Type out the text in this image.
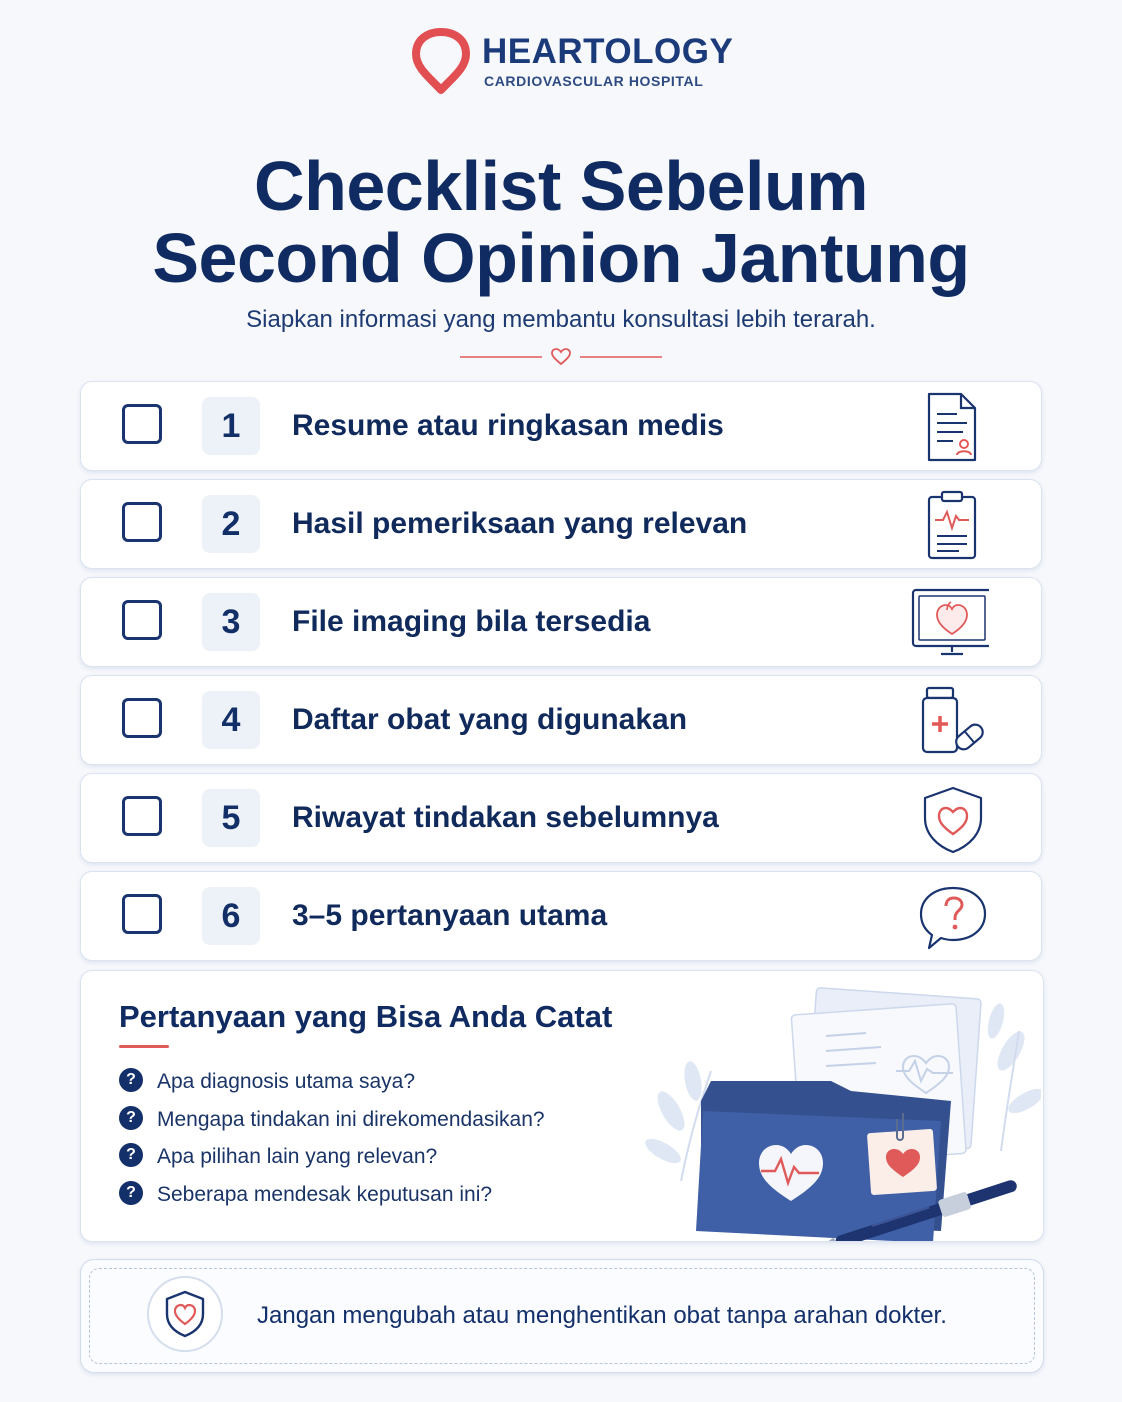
HEARTOLOGY
CARDIOVASCULAR HOSPITAL
Checklist Sebelum
Second Opinion Jantung
Siapkan informasi yang membantu konsultasi lebih terarah.
1	Resume atau ringkasan medis
2	Hasil pemeriksaan yang relevan
3	File imaging bila tersedia
4	Daftar obat yang digunakan
5	Riwayat tindakan sebelumnya
6	3–5 pertanyaan utama
Pertanyaan yang Bisa Anda Catat
? Apa diagnosis utama saya?
? Mengapa tindakan ini direkomendasikan?
? Apa pilihan lain yang relevan?
? Seberapa mendesak keputusan ini?
Jangan mengubah atau menghentikan obat tanpa arahan dokter.
